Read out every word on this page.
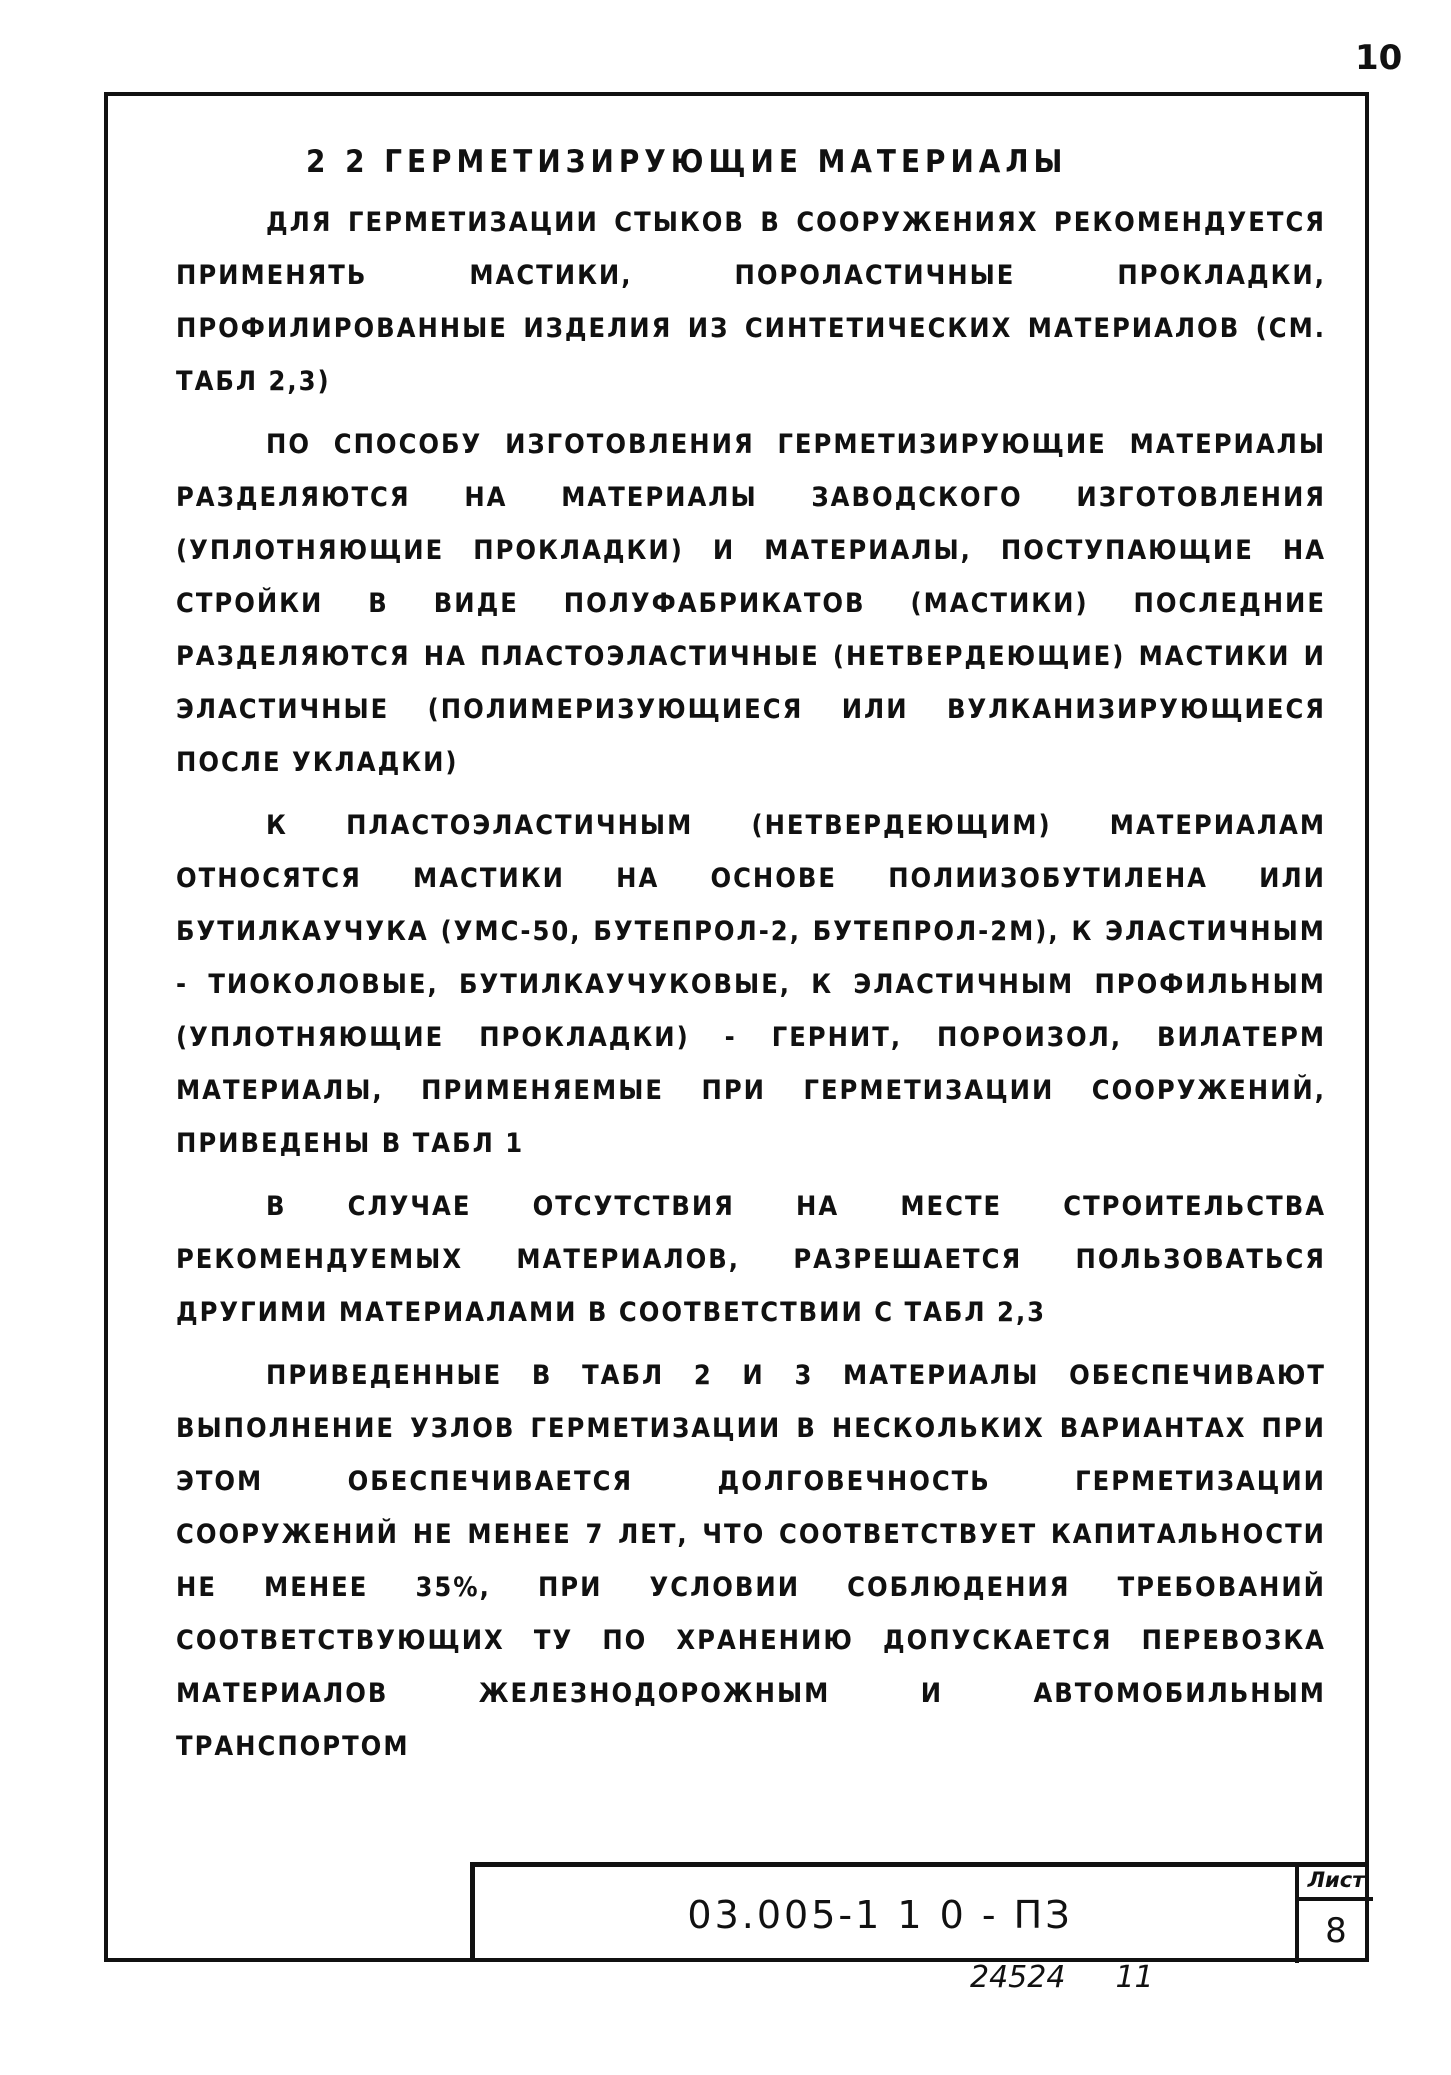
10
2 2 ГЕРМЕТИЗИРУЮЩИЕ МАТЕРИАЛЫ

ДЛЯ ГЕРМЕТИЗАЦИИ СТЫКОВ В СООРУЖЕНИЯХ РЕКОМЕНДУЕТСЯ ПРИМЕНЯТЬ МАСТИКИ, ПОРОЛАСТИЧНЫЕ ПРОКЛАДКИ, ПРОФИЛИРОВАННЫЕ ИЗДЕЛИЯ ИЗ СИНТЕТИЧЕСКИХ МАТЕРИАЛОВ (СМ. ТАБЛ 2,3)

ПО СПОСОБУ ИЗГОТОВЛЕНИЯ ГЕРМЕТИЗИРУЮЩИЕ МАТЕРИАЛЫ РАЗДЕЛЯЮТСЯ НА МАТЕРИАЛЫ ЗАВОДСКОГО ИЗГОТОВЛЕНИЯ (УПЛОТНЯЮЩИЕ ПРОКЛАДКИ) И МАТЕРИАЛЫ, ПОСТУПАЮЩИЕ НА СТРОЙКИ В ВИДЕ ПОЛУФАБРИКАТОВ (МАСТИКИ) ПОСЛЕДНИЕ РАЗДЕЛЯЮТСЯ НА ПЛАСТОЭЛАСТИЧНЫЕ (НЕТВЕРДЕЮЩИЕ) МАСТИКИ И ЭЛАСТИЧНЫЕ (ПОЛИМЕРИЗУЮЩИЕСЯ ИЛИ ВУЛКАНИЗИРУЮЩИЕСЯ ПОСЛЕ УКЛАДКИ)

К ПЛАСТОЭЛАСТИЧНЫМ (НЕТВЕРДЕЮЩИМ) МАТЕРИАЛАМ ОТНОСЯТСЯ МАСТИКИ НА ОСНОВЕ ПОЛИИЗОБУТИЛЕНА ИЛИ БУТИЛКАУЧУКА (УМС-50, БУТЕПРОЛ-2, БУТЕПРОЛ-2М), К ЭЛАСТИЧНЫМ - ТИОКОЛОВЫЕ, БУТИЛКАУЧУКОВЫЕ, К ЭЛАСТИЧНЫМ ПРОФИЛЬНЫМ (УПЛОТНЯЮЩИЕ ПРОКЛАДКИ) - ГЕРНИТ, ПОРОИЗОЛ, ВИЛАТЕРМ МАТЕРИАЛЫ, ПРИМЕНЯЕМЫЕ ПРИ ГЕРМЕТИЗАЦИИ СООРУЖЕНИЙ, ПРИВЕДЕНЫ В ТАБЛ 1

В СЛУЧАЕ ОТСУТСТВИЯ НА МЕСТЕ СТРОИТЕЛЬСТВА РЕКОМЕНДУЕМЫХ МАТЕРИАЛОВ, РАЗРЕШАЕТСЯ ПОЛЬЗОВАТЬСЯ ДРУГИМИ МАТЕРИАЛАМИ В СООТВЕТСТВИИ С ТАБЛ 2,3

ПРИВЕДЕННЫЕ В ТАБЛ 2 И 3 МАТЕРИАЛЫ ОБЕСПЕЧИВАЮТ ВЫПОЛНЕНИЕ УЗЛОВ ГЕРМЕТИЗАЦИИ В НЕСКОЛЬКИХ ВАРИАНТАХ ПРИ ЭТОМ ОБЕСПЕЧИВАЕТСЯ ДОЛГОВЕЧНОСТЬ ГЕРМЕТИЗАЦИИ СООРУЖЕНИЙ НЕ МЕНЕЕ 7 ЛЕТ, ЧТО СООТВЕТСТВУЕТ КАПИТАЛЬНОСТИ НЕ МЕНЕЕ 35%, ПРИ УСЛОВИИ СОБЛЮДЕНИЯ ТРЕБОВАНИЙ СООТВЕТСТВУЮЩИХ ТУ ПО ХРАНЕНИЮ ДОПУСКАЕТСЯ ПЕРЕВОЗКА МАТЕРИАЛОВ ЖЕЛЕЗНОДОРОЖНЫМ И АВТОМОБИЛЬНЫМ ТРАНСПОРТОМ

03.005-1 1 0 - ПЗ
Лист
8
24524 11
